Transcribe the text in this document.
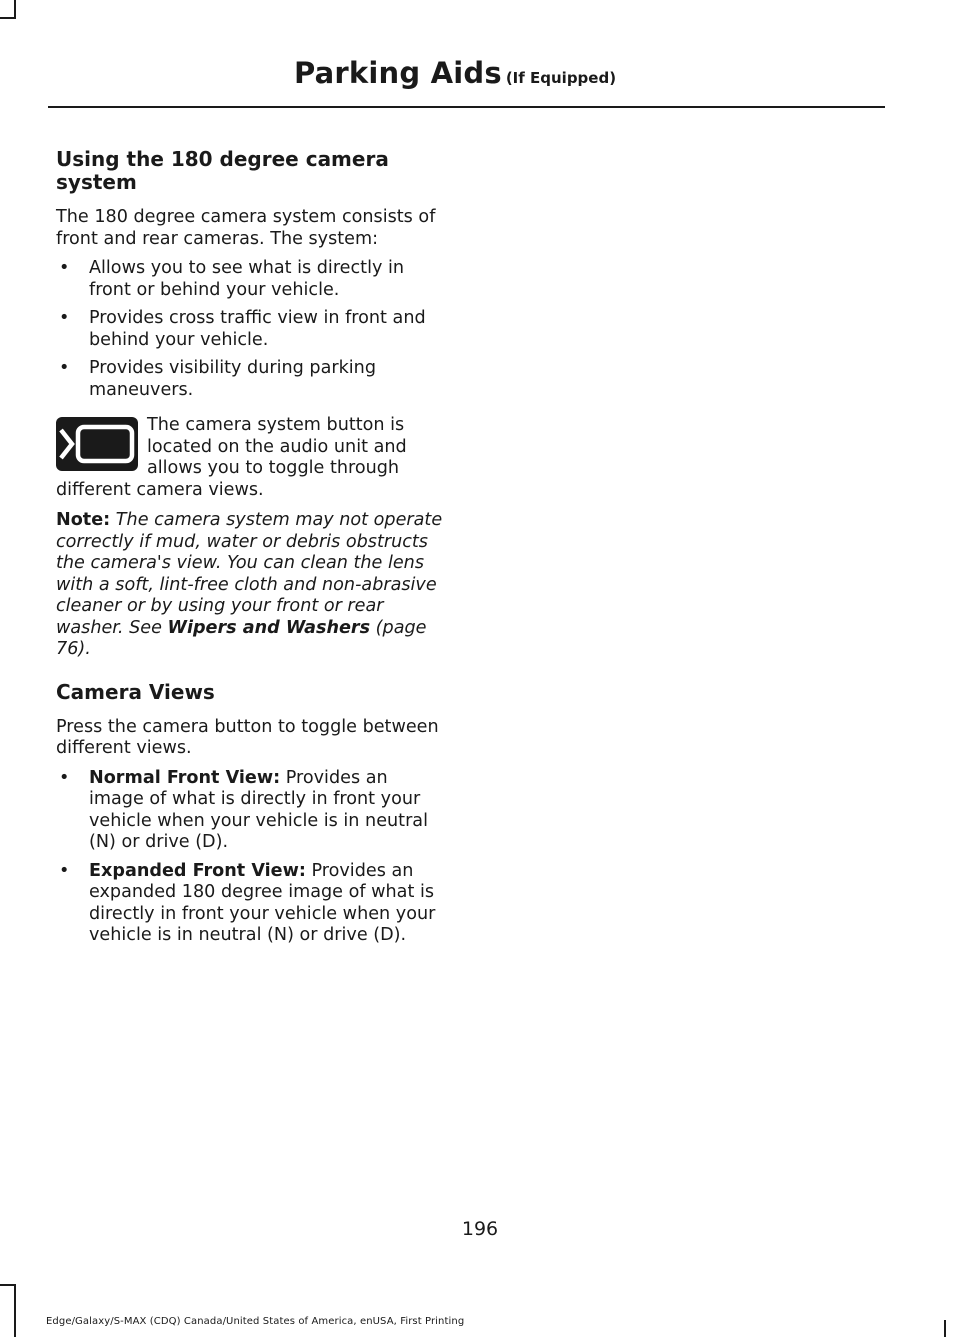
Parking Aids (If Equipped)
Using the 180 degree camera system

The 180 degree camera system consists of front and rear cameras. The system:

• Allows you to see what is directly in front or behind your vehicle.
• Provides cross traffic view in front and behind your vehicle.
• Provides visibility during parking maneuvers.
The camera system button is located on the audio unit and allows you to toggle through different camera views.

Note: The camera system may not operate correctly if mud, water or debris obstructs the camera's view. You can clean the lens with a soft, lint-free cloth and non-abrasive cleaner or by using your front or rear washer. See Wipers and Washers (page 76).

Camera Views

Press the camera button to toggle between different views.

• Normal Front View: Provides an image of what is directly in front your vehicle when your vehicle is in neutral (N) or drive (D).
• Expanded Front View: Provides an expanded 180 degree image of what is directly in front your vehicle when your vehicle is in neutral (N) or drive (D).
196
Edge/Galaxy/S-MAX (CDQ) Canada/United States of America, enUSA, First Printing
